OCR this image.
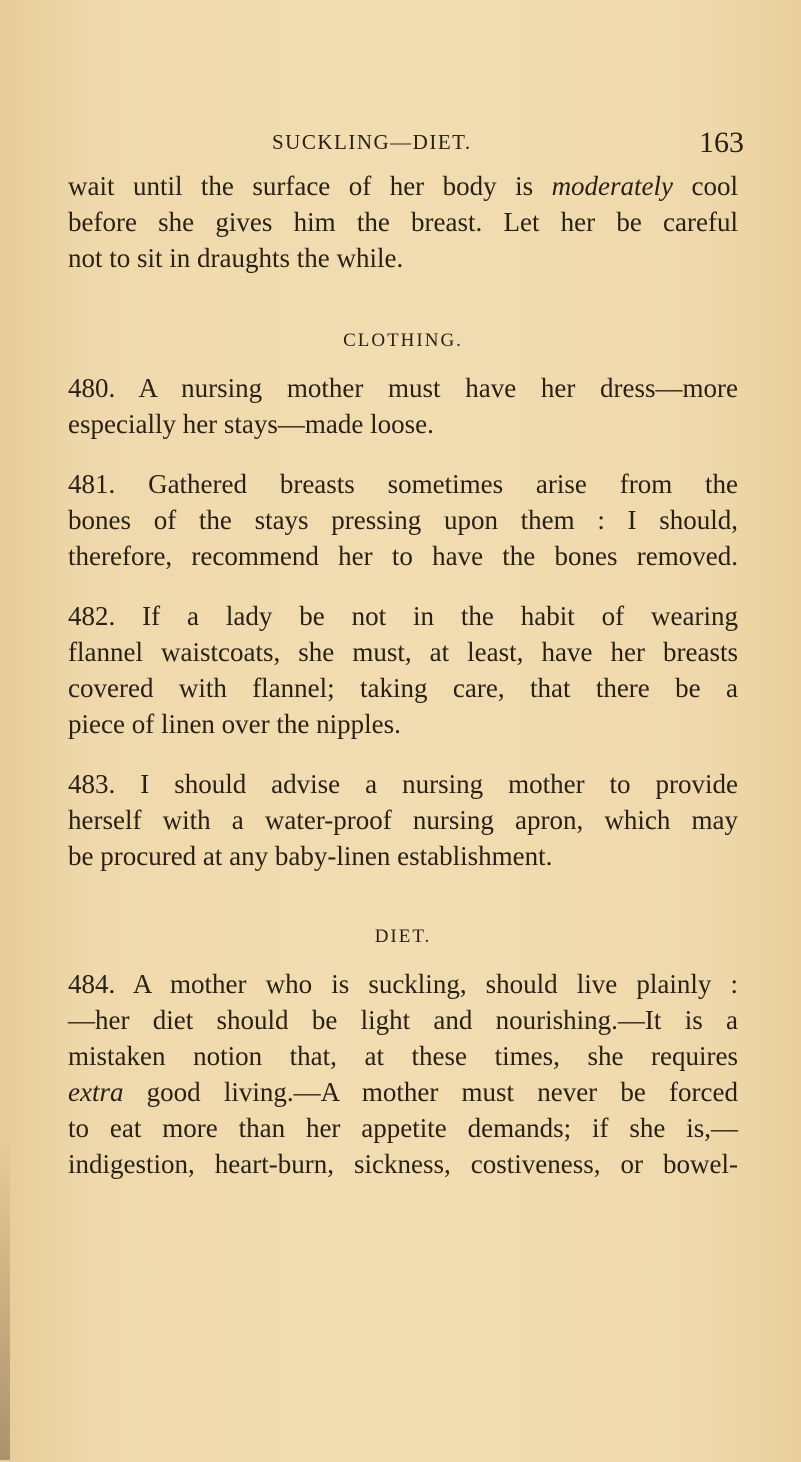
SUCKLING—DIET.	163
wait until the surface of her body is moderately cool
before she gives him the breast. Let her be careful
not to sit in draughts the while.
CLOTHING.
480. A nursing mother must have her dress—more
especially her stays—made loose.
481. Gathered breasts sometimes arise from the
bones of the stays pressing upon them : I should,
therefore, recommend her to have the bones removed.
482. If a lady be not in the habit of wearing
flannel waistcoats, she must, at least, have her breasts
covered with flannel; taking care, that there be a
piece of linen over the nipples.
483. I should advise a nursing mother to provide
herself with a water-proof nursing apron, which may
be procured at any baby-linen establishment.
DIET.
484. A mother who is suckling, should live plainly :
—her diet should be light and nourishing.—It is a
mistaken notion that, at these times, she requires
extra good living.—A mother must never be forced
to eat more than her appetite demands; if she is,—
indigestion, heart-burn, sickness, costiveness, or bowel-
